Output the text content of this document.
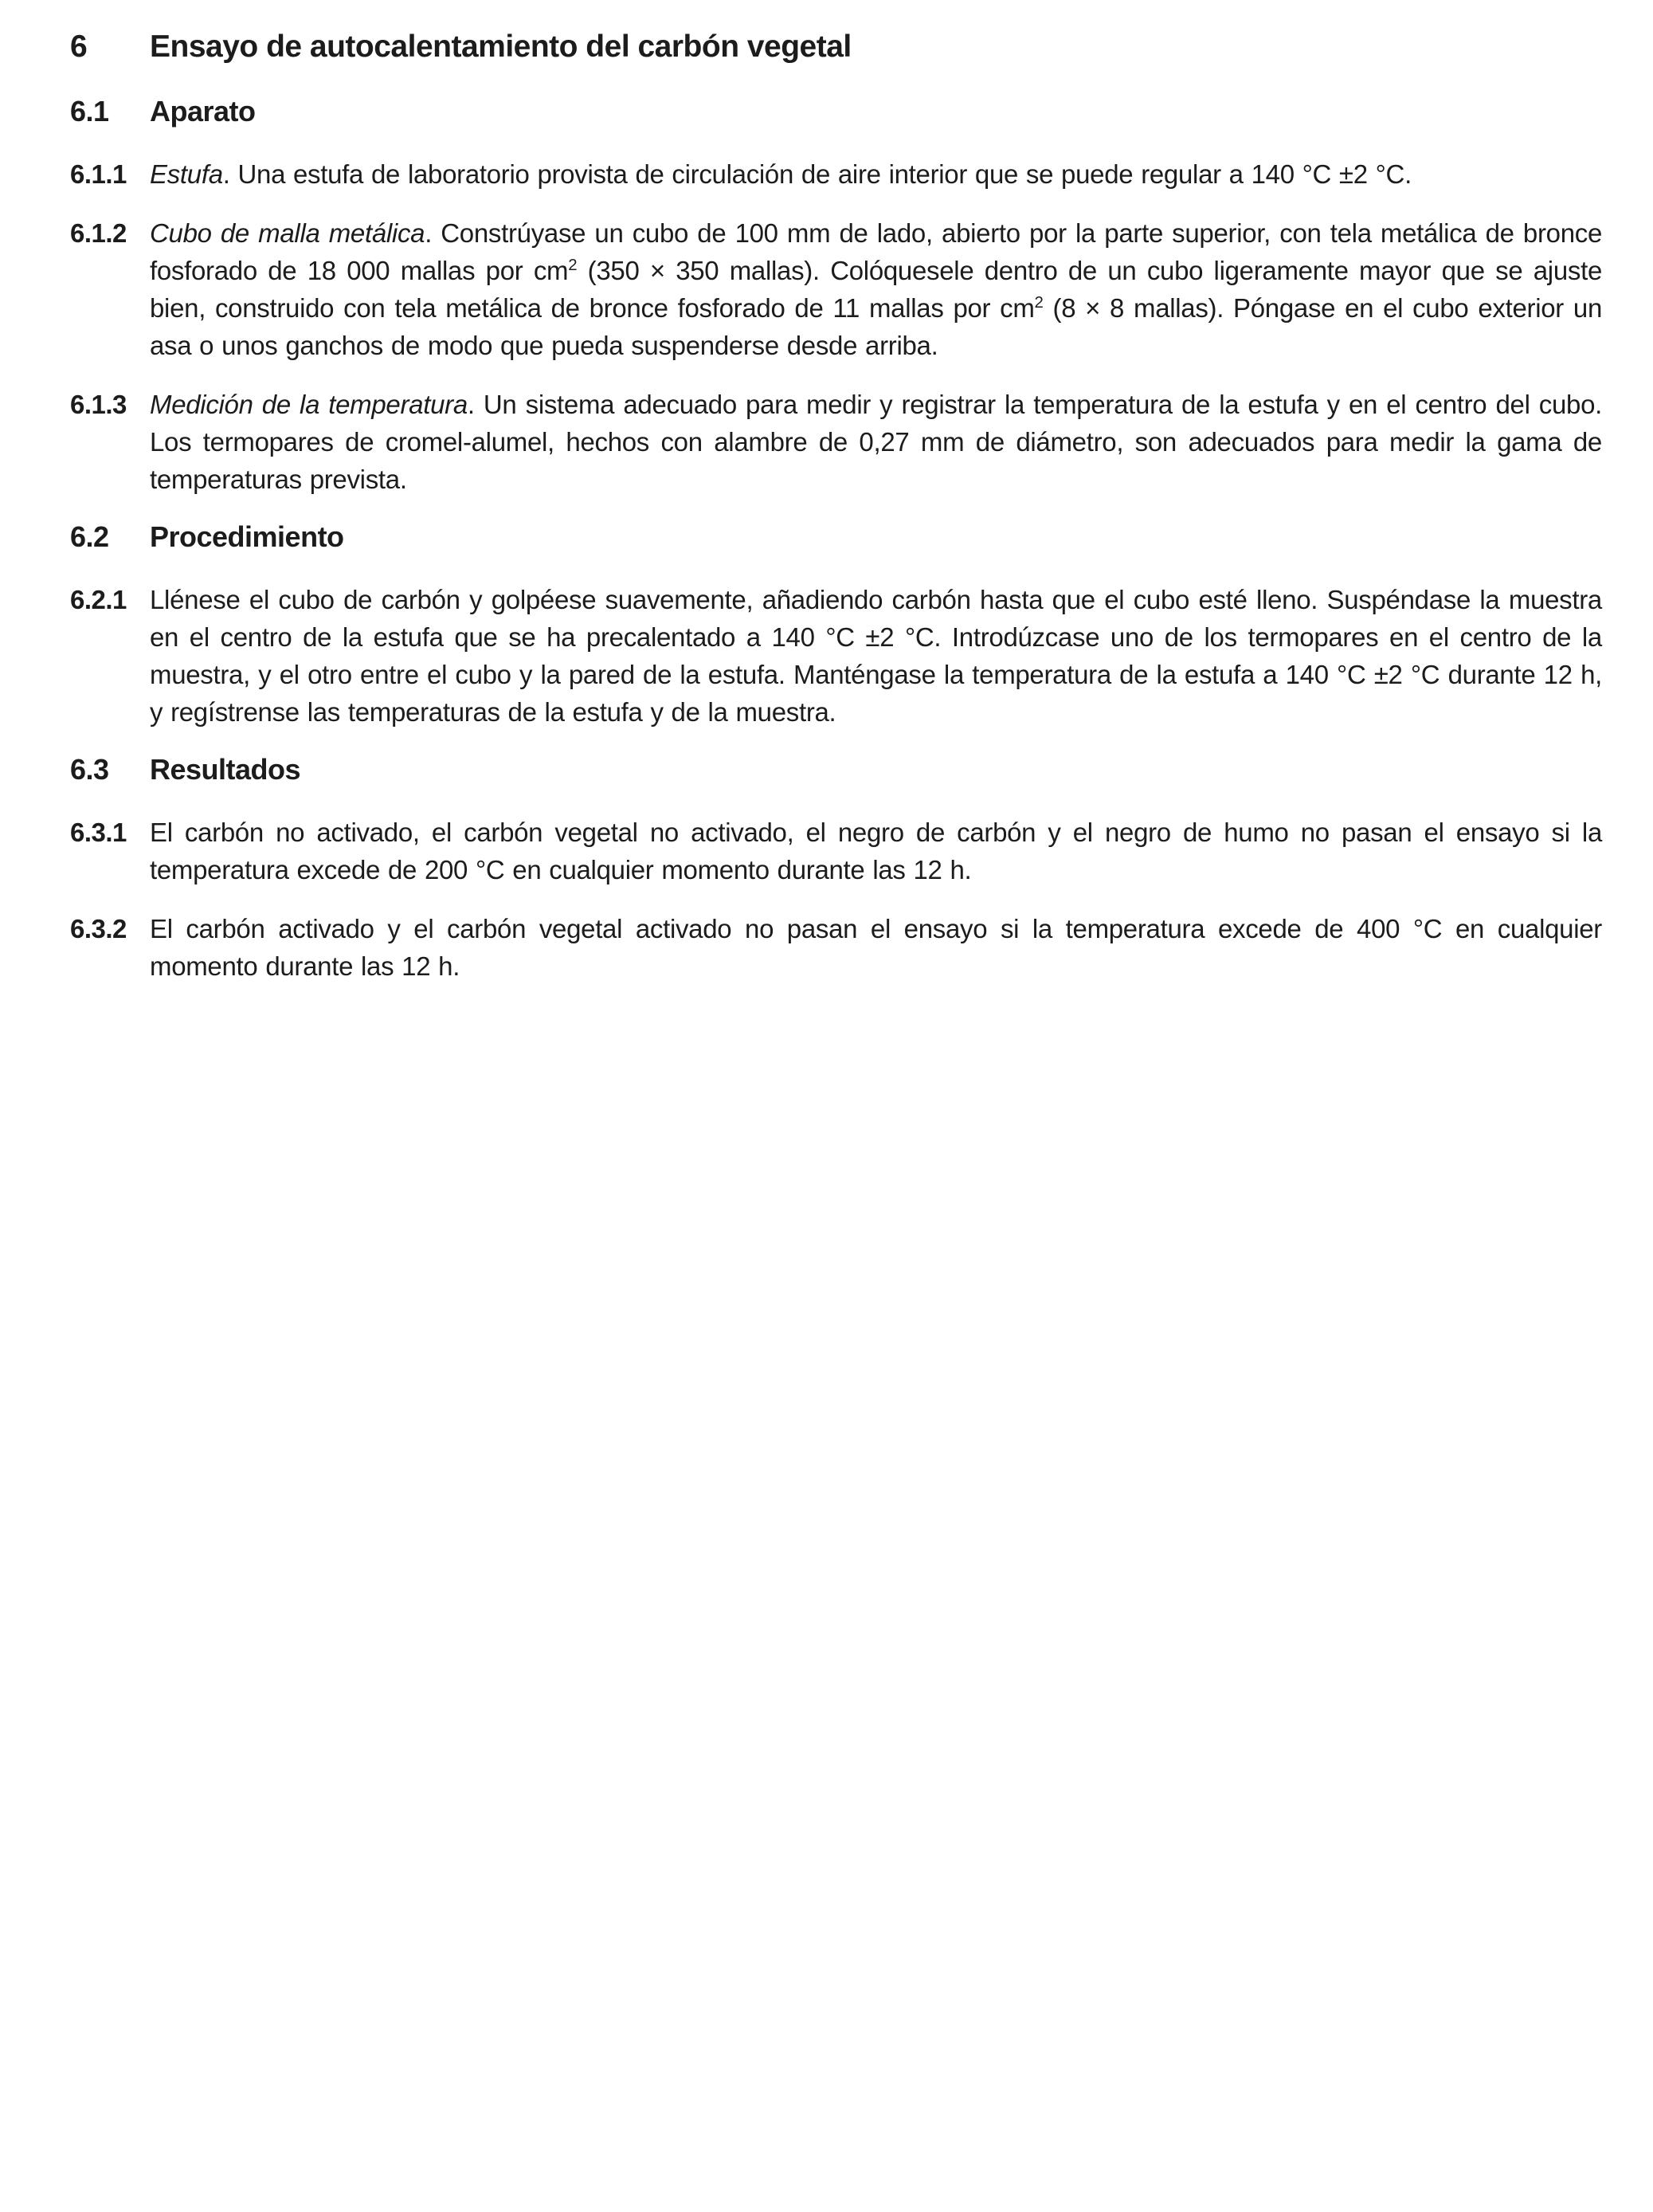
6	Ensayo de autocalentamiento del carbón vegetal
6.1	Aparato
6.1.1 Estufa. Una estufa de laboratorio provista de circulación de aire interior que se puede regular a 140 °C ±2 °C.

6.1.2 Cubo de malla metálica. Constrúyase un cubo de 100 mm de lado, abierto por la parte superior, con tela metálica de bronce fosforado de 18 000 mallas por $cm^2$ (350 × 350 mallas). Colóquesele dentro de un cubo ligeramente mayor que se ajuste bien, construido con tela metálica de bronce fosforado de 11 mallas por $cm^2$ (8 × 8 mallas). Póngase en el cubo exterior un asa o unos ganchos de modo que pueda suspenderse desde arriba.

6.1.3 Medición de la temperatura. Un sistema adecuado para medir y registrar la temperatura de la estufa y en el centro del cubo. Los termopares de cromel-alumel, hechos con alambre de 0,27 mm de diámetro, son adecuados para medir la gama de temperaturas prevista.

6.2	Procedimiento
6.2.1 Llénese el cubo de carbón y golpéese suavemente, añadiendo carbón hasta que el cubo esté lleno. Suspéndase la muestra en el centro de la estufa que se ha precalentado a 140 °C ±2 °C. Introdúzcase uno de los termopares en el centro de la muestra, y el otro entre el cubo y la pared de la estufa. Manténgase la temperatura de la estufa a 140 °C ±2 °C durante 12 h, y regístrense las temperaturas de la estufa y de la muestra.

6.3	Resultados
6.3.1 El carbón no activado, el carbón vegetal no activado, el negro de carbón y el negro de humo no pasan el ensayo si la temperatura excede de 200 °C en cualquier momento durante las 12 h.

6.3.2 El carbón activado y el carbón vegetal activado no pasan el ensayo si la temperatura excede de 400 °C en cualquier momento durante las 12 h.
